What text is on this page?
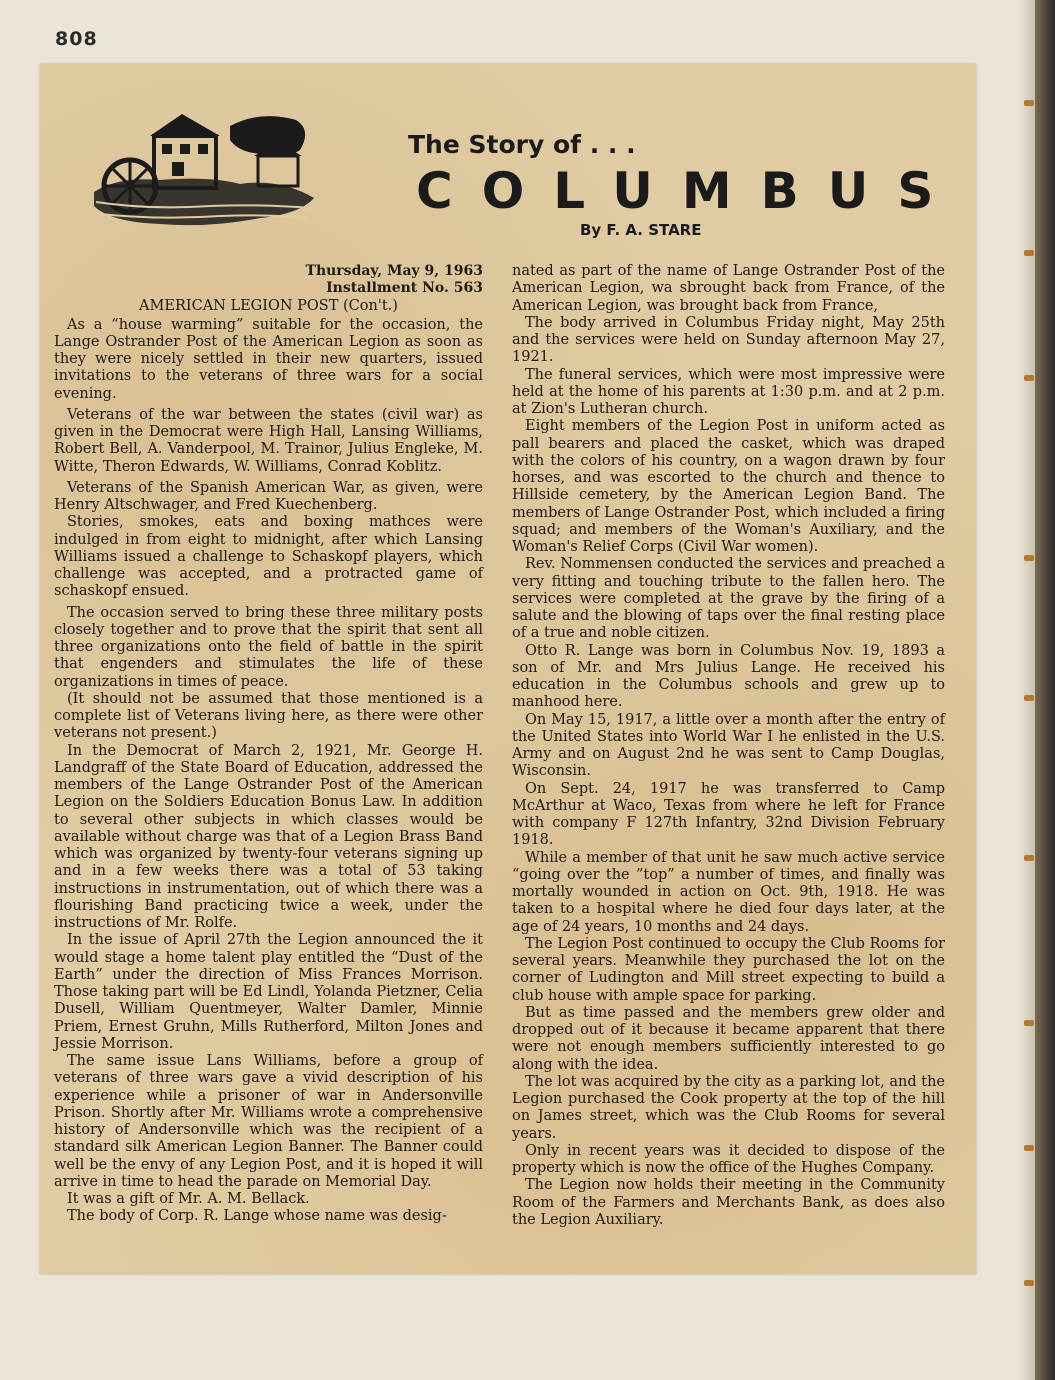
808
The Story of . . .
COLUMBUS
By F. A. STARE
Thursday, May 9, 1963
Installment No. 563
AMERICAN LEGION POST (Con't.)

As a “house warming” suitable for the occasion, the Lange Ostrander Post of the American Legion as soon as they were nicely settled in their new quarters, issued invitations to the veterans of three wars for a social evening.

Veterans of the war between the states (civil war) as given in the Democrat were High Hall, Lansing Williams, Robert Bell, A. Vanderpool, M. Trainor, Julius Engleke, M. Witte, Theron Edwards, W. Williams, Conrad Koblitz.

Veterans of the Spanish American War, as given, were Henry Altschwager, and Fred Kuechenberg.

Stories, smokes, eats and boxing mathces were indulged in from eight to midnight, after which Lansing Williams issued a challenge to Schaskopf players, which challenge was accepted, and a protracted game of schaskopf ensued.

The occasion served to bring these three military posts closely together and to prove that the spirit that sent all three organizations onto the field of battle in the spirit that engenders and stimulates the life of these organizations in times of peace.

(It should not be assumed that those mentioned is a complete list of Veterans living here, as there were other veterans not present.)

In the Democrat of March 2, 1921, Mr. George H. Landgraff of the State Board of Education, addressed the members of the Lange Ostrander Post of the American Legion on the Soldiers Education Bonus Law. In addition to several other subjects in which classes would be available without charge was that of a Legion Brass Band which was organized by twenty-four veterans signing up and in a few weeks there was a total of 53 taking instructions in instrumentation, out of which there was a flourishing Band practicing twice a week, under the instructions of Mr. Rolfe.

In the issue of April 27th the Legion announced the it would stage a home talent play entitled the “Dust of the Earth” under the direction of Miss Frances Morrison. Those taking part will be Ed Lindl, Yolanda Pietzner, Celia Dusell, William Quentmeyer, Walter Damler, Minnie Priem, Ernest Gruhn, Mills Rutherford, Milton Jones and Jessie Morrison.

The same issue Lans Williams, before a group of veterans of three wars gave a vivid description of his experience while a prisoner of war in Andersonville Prison. Shortly after Mr. Williams wrote a comprehensive history of Andersonville which was the recipient of a standard silk American Legion Banner. The Banner could well be the envy of any Legion Post, and it is hoped it will arrive in time to head the parade on Memorial Day.

It was a gift of Mr. A. M. Bellack.

The body of Corp. R. Lange whose name was desig-

nated as part of the name of Lange Ostrander Post of the American Legion, wa sbrought back from France, of the American Legion, was brought back from France,

The body arrived in Columbus Friday night, May 25th and the services were held on Sunday afternoon May 27, 1921.

The funeral services, which were most impressive were held at the home of his parents at 1:30 p.m. and at 2 p.m. at Zion's Lutheran church.

Eight members of the Legion Post in uniform acted as pall bearers and placed the casket, which was draped with the colors of his country, on a wagon drawn by four horses, and was escorted to the church and thence to Hillside cemetery, by the American Legion Band. The members of Lange Ostrander Post, which included a firing squad; and members of the Woman's Auxiliary, and the Woman's Relief Corps (Civil War women).

Rev. Nommensen conducted the services and preached a very fitting and touching tribute to the fallen hero. The services were completed at the grave by the firing of a salute and the blowing of taps over the final resting place of a true and noble citizen.

Otto R. Lange was born in Columbus Nov. 19, 1893 a son of Mr. and Mrs Julius Lange. He received his education in the Columbus schools and grew up to manhood here.

On May 15, 1917, a little over a month after the entry of the United States into World War I he enlisted in the U.S. Army and on August 2nd he was sent to Camp Douglas, Wisconsin.

On Sept. 24, 1917 he was transferred to Camp McArthur at Waco, Texas from where he left for France with company F 127th Infantry, 32nd Division February 1918.

While a member of that unit he saw much active service “going over the ”top” a number of times, and finally was mortally wounded in action on Oct. 9th, 1918. He was taken to a hospital where he died four days later, at the age of 24 years, 10 months and 24 days.

The Legion Post continued to occupy the Club Rooms for several years. Meanwhile they purchased the lot on the corner of Ludington and Mill street expecting to build a club house with ample space for parking.

But as time passed and the members grew older and dropped out of it because it became apparent that there were not enough members sufficiently interested to go along with the idea.

The lot was acquired by the city as a parking lot, and the Legion purchased the Cook property at the top of the hill on James street, which was the Club Rooms for several years.

Only in recent years was it decided to dispose of the property which is now the office of the Hughes Company.

The Legion now holds their meeting in the Community Room of the Farmers and Merchants Bank, as does also the Legion Auxiliary.
